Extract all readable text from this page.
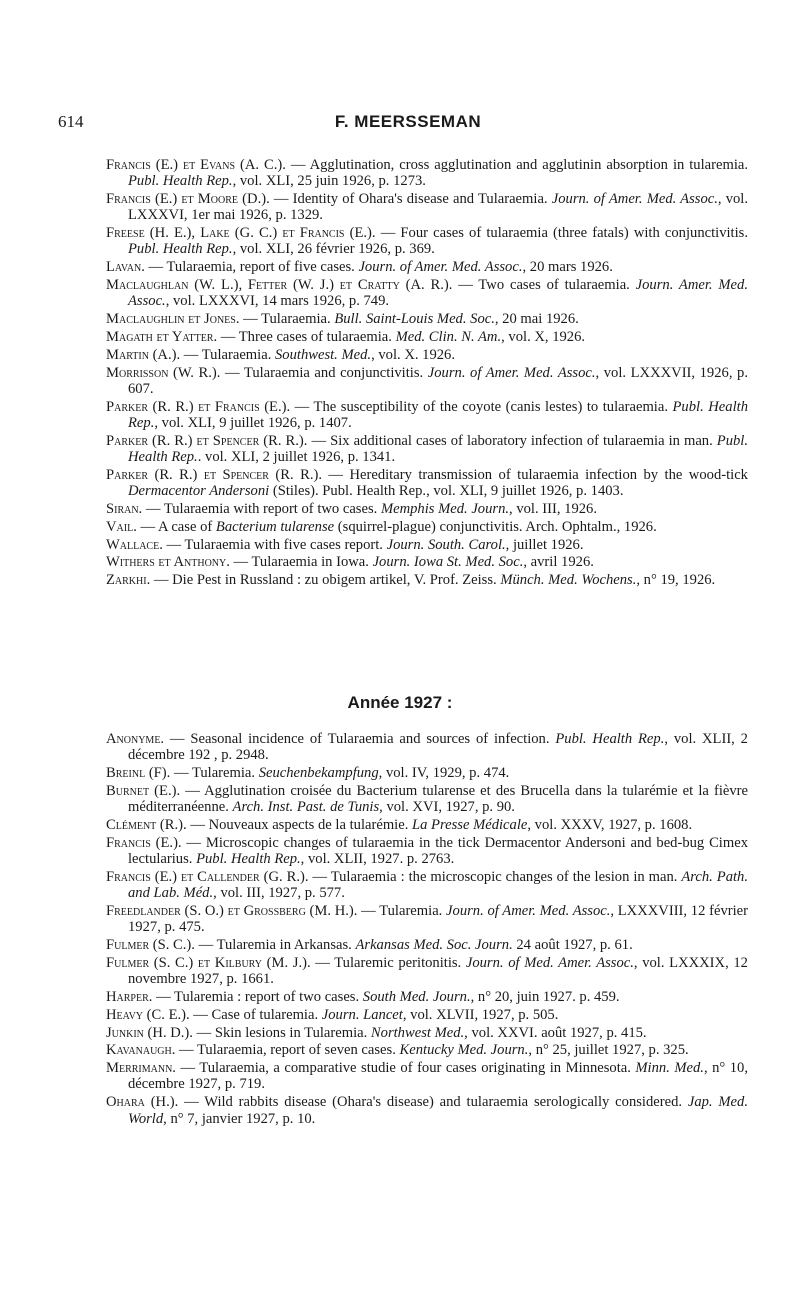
614	F. MEERSSEMAN

Francis (E.) et Evans (A. C.). — Agglutination, cross agglutination and agglutinin absorption in tularemia. Publ. Health Rep., vol. XLI, 25 juin 1926, p. 1273.

Francis (E.) et Moore (D.). — Identity of Ohara's disease and Tularaemia. Journ. of Amer. Med. Assoc., vol. LXXXVI, 1er mai 1926, p. 1329.

Freese (H. E.), Lake (G. C.) et Francis (E.). — Four cases of tularaemia (three fatals) with conjunctivitis. Publ. Health Rep., vol. XLI, 26 février 1926, p. 369.

Lavan. — Tularaemia, report of five cases. Journ. of Amer. Med. Assoc., 20 mars 1926.

Maclaughlan (W. L.), Fetter (W. J.) et Cratty (A. R.). — Two cases of tularaemia. Journ. Amer. Med. Assoc., vol. LXXXVI, 14 mars 1926, p. 749.

Maclaughlin et Jones. — Tularaemia. Bull. Saint-Louis Med. Soc., 20 mai 1926.

Magath et Yatter. — Three cases of tularaemia. Med. Clin. N. Am., vol. X, 1926.

Martin (A.). — Tularaemia. Southwest. Med., vol. X. 1926.

Morrisson (W. R.). — Tularaemia and conjunctivitis. Journ. of Amer. Med. Assoc., vol. LXXXVII, 1926, p. 607.

Parker (R. R.) et Francis (E.). — The susceptibility of the coyote (canis lestes) to tularaemia. Publ. Health Rep., vol. XLI, 9 juillet 1926, p. 1407.

Parker (R. R.) et Spencer (R. R.). — Six additional cases of laboratory infection of tularaemia in man. Publ. Health Rep.. vol. XLI, 2 juillet 1926, p. 1341.

Parker (R. R.) et Spencer (R. R.). — Hereditary transmission of tularaemia infection by the wood-tick Dermacentor Andersoni (Stiles). Publ. Health Rep., vol. XLI, 9 juillet 1926, p. 1403.

Siran. — Tularaemia with report of two cases. Memphis Med. Journ., vol. III, 1926.

Vail. — A case of Bacterium tularense (squirrel-plague) conjunctivitis. Arch. Ophtalm., 1926.

Wallace. — Tularaemia with five cases report. Journ. South. Carol., juillet 1926.

Withers et Anthony. — Tularaemia in Iowa. Journ. Iowa St. Med. Soc., avril 1926.

Zarkhi. — Die Pest in Russland : zu obigem artikel, V. Prof. Zeiss. Münch. Med. Wochens., n° 19, 1926.

Année 1927 :

Anonyme. — Seasonal incidence of Tularaemia and sources of infection. Publ. Health Rep., vol. XLII, 2 décembre 192 , p. 2948.

Breinl (F). — Tularemia. Seuchenbekampfung, vol. IV, 1929, p. 474.

Burnet (E.). — Agglutination croisée du Bacterium tularense et des Brucella dans la tularémie et la fièvre méditerranéenne. Arch. Inst. Past. de Tunis, vol. XVI, 1927, p. 90.

Clément (R.). — Nouveaux aspects de la tularémie. La Presse Médicale, vol. XXXV, 1927, p. 1608.

Francis (E.). — Microscopic changes of tularaemia in the tick Dermacentor Andersoni and bed-bug Cimex lectularius. Publ. Health Rep., vol. XLII, 1927. p. 2763.

Francis (E.) et Callender (G. R.). — Tularaemia : the microscopic changes of the lesion in man. Arch. Path. and Lab. Méd., vol. III, 1927, p. 577.

Freedlander (S. O.) et Grossberg (M. H.). — Tularemia. Journ. of Amer. Med. Assoc., LXXXVIII, 12 février 1927, p. 475.

Fulmer (S. C.). — Tularemia in Arkansas. Arkansas Med. Soc. Journ. 24 août 1927, p. 61.

Fulmer (S. C.) et Kilbury (M. J.). — Tularemic peritonitis. Journ. of Med. Amer. Assoc., vol. LXXXIX, 12 novembre 1927, p. 1661.

Harper. — Tularemia : report of two cases. South Med. Journ., n° 20, juin 1927. p. 459.

Heavy (C. E.). — Case of tularemia. Journ. Lancet, vol. XLVII, 1927, p. 505.

Junkin (H. D.). — Skin lesions in Tularemia. Northwest Med., vol. XXVI. août 1927, p. 415.

Kavanaugh. — Tularaemia, report of seven cases. Kentucky Med. Journ., n° 25, juillet 1927, p. 325.

Merrimann. — Tularaemia, a comparative studie of four cases originating in Minnesota. Minn. Med., n° 10, décembre 1927, p. 719.

Ohara (H.). — Wild rabbits disease (Ohara's disease) and tularaemia serologically considered. Jap. Med. World, n° 7, janvier 1927, p. 10.
